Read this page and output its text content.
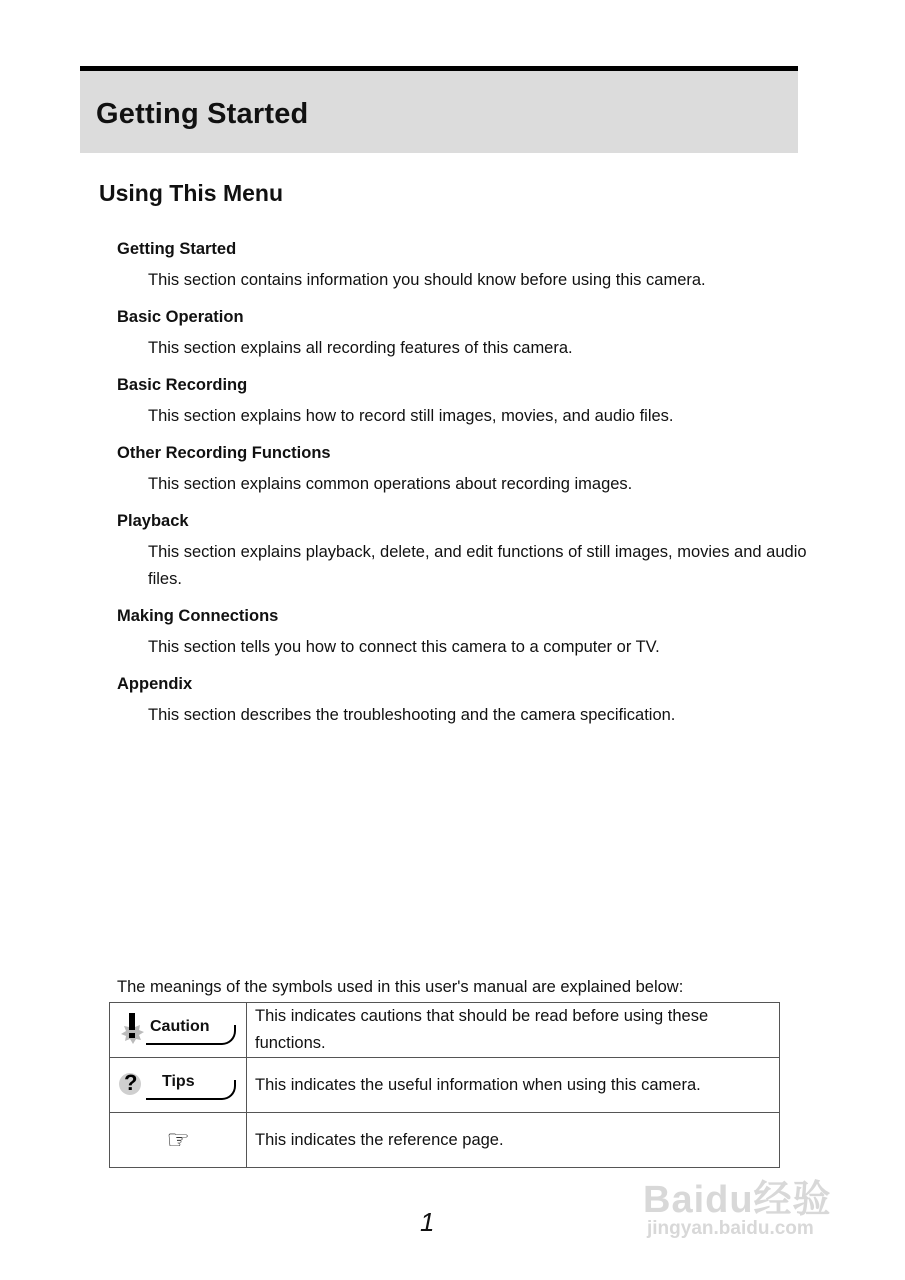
Getting Started
Using This Menu
Getting Started
This section contains information you should know before using this camera.
Basic Operation
This section explains all recording features of this camera.
Basic Recording
This section explains how to record still images, movies, and audio files.
Other Recording Functions
This section explains common operations about recording images.
Playback
This section explains playback, delete, and edit functions of still images, movies and audio files.
Making Connections
This section tells you how to connect this camera to a computer or TV.
Appendix
This section describes the troubleshooting and the camera specification.
The meanings of the symbols used in this user's manual are explained below:
Caution	This indicates cautions that should be read before using these functions.

? Tips	This indicates the useful information when using this camera.

☞	This indicates the reference page.
1
Baidu经验
jingyan.baidu.com
